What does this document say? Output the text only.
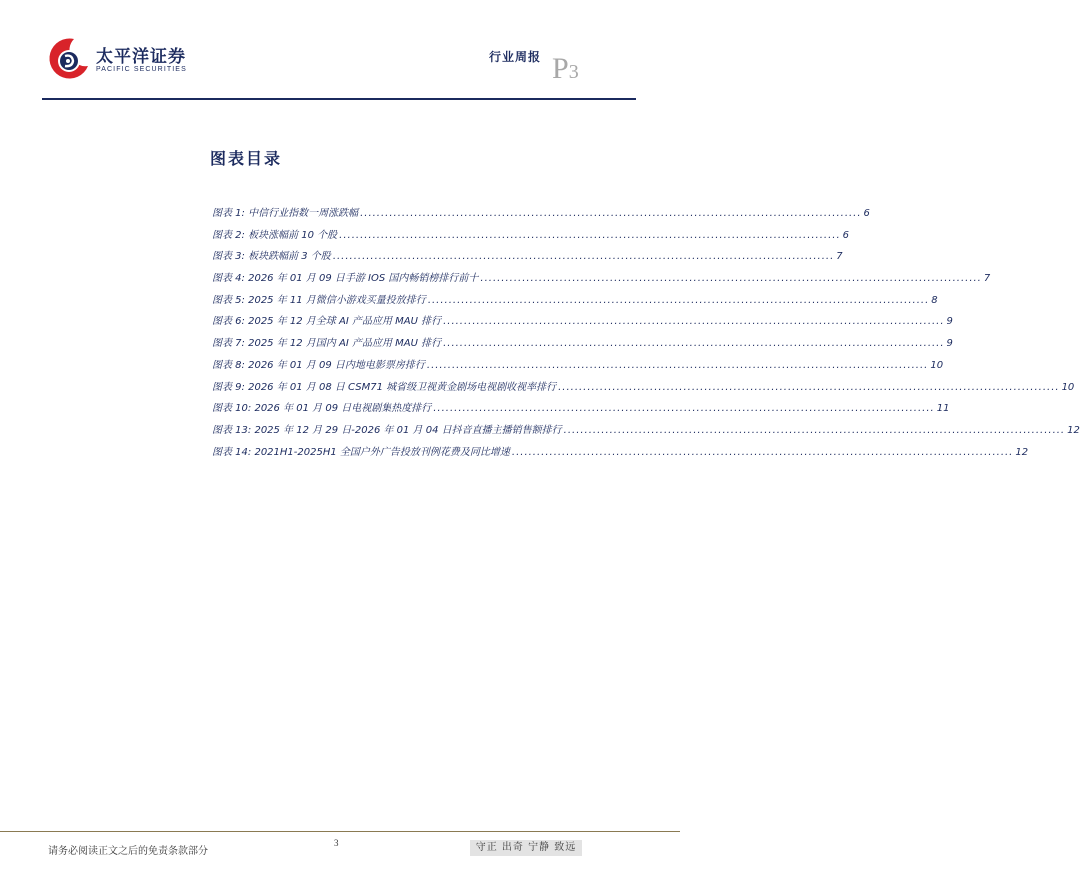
太平洋证券
PACIFIC SECURITIES
行业周报 P3
图表目录
图表 1: 中信行业指数一周涨跌幅 .....	6
图表 2: 板块涨幅前 10 个股 .....	6
图表 3: 板块跌幅前 3 个股 .....	7
图表 4: 2026 年 01 月 09 日手游 IOS 国内畅销榜排行前十 .....	7
图表 5: 2025 年 11 月微信小游戏买量投放排行 .....	8
图表 6: 2025 年 12 月全球 AI 产品应用 MAU 排行 .....	9
图表 7: 2025 年 12 月国内 AI 产品应用 MAU 排行 .....	9
图表 8: 2026 年 01 月 09 日内地电影票房排行 .....	10
图表 9: 2026 年 01 月 08 日 CSM71 城省级卫视黄金剧场电视剧收视率排行 .....	10
图表 10: 2026 年 01 月 09 日电视剧集热度排行 .....	11
图表 13: 2025 年 12 月 29 日-2026 年 01 月 04 日抖音直播主播销售额排行 .....	12
图表 14: 2021H1-2025H1 全国户外广告投放刊例花费及同比增速 .....	12
请务必阅读正文之后的免责条款部分
3	守正 出奇 宁静 致远
